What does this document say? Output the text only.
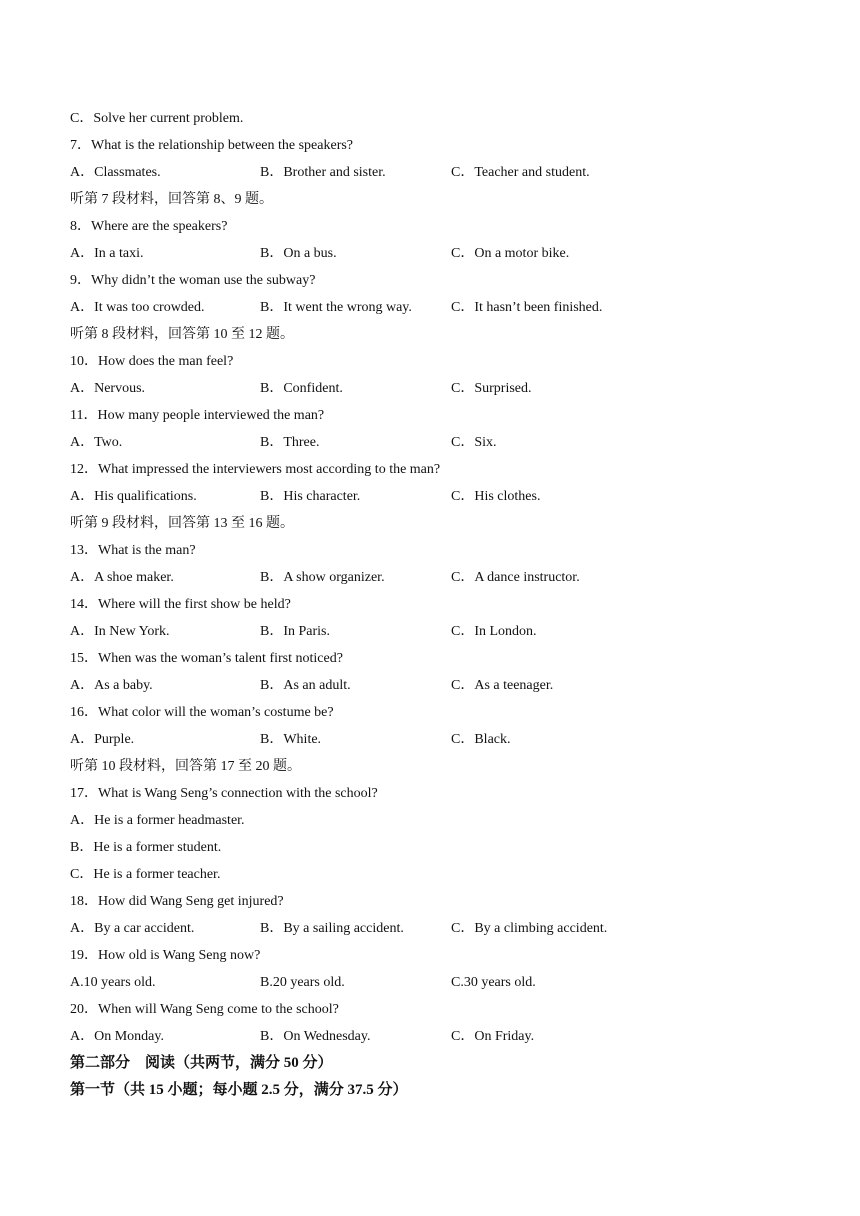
C．Solve her current problem.
7．What is the relationship between the speakers?
A．Classmates.	B．Brother and sister.	C．Teacher and student.
听第 7 段材料，回答第 8、9 题。
8．Where are the speakers?
A．In a taxi.	B．On a bus.	C．On a motor bike.
9．Why didn’t the woman use the subway?
A．It was too crowded.	B．It went the wrong way.	C．It hasn’t been finished.
听第 8 段材料，回答第 10 至 12 题。
10．How does the man feel?
A．Nervous.	B．Confident.	C．Surprised.
11．How many people interviewed the man?
A．Two.	B．Three.	C．Six.
12．What impressed the interviewers most according to the man?
A．His qualifications.	B．His character.	C．His clothes.
听第 9 段材料，回答第 13 至 16 题。
13．What is the man?
A．A shoe maker.	B．A show organizer.	C．A dance instructor.
14．Where will the first show be held?
A．In New York.	B．In Paris.	C．In London.
15．When was the woman’s talent first noticed?
A．As a baby.	B．As an adult.	C．As a teenager.
16．What color will the woman’s costume be?
A．Purple.	B．White.	C．Black.
听第 10 段材料，回答第 17 至 20 题。
17．What is Wang Seng’s connection with the school?
A．He is a former headmaster.
B．He is a former student.
C．He is a former teacher.
18．How did Wang Seng get injured?
A．By a car accident.	B．By a sailing accident.	C．By a climbing accident.
19．How old is Wang Seng now?
A.10 years old.	B.20 years old.	C.30 years old.
20．When will Wang Seng come to the school?
A．On Monday.	B．On Wednesday.	C．On Friday.
第二部分　阅读（共两节，满分 50 分）
第一节（共 15 小题；每小题 2.5 分，满分 37.5 分）
